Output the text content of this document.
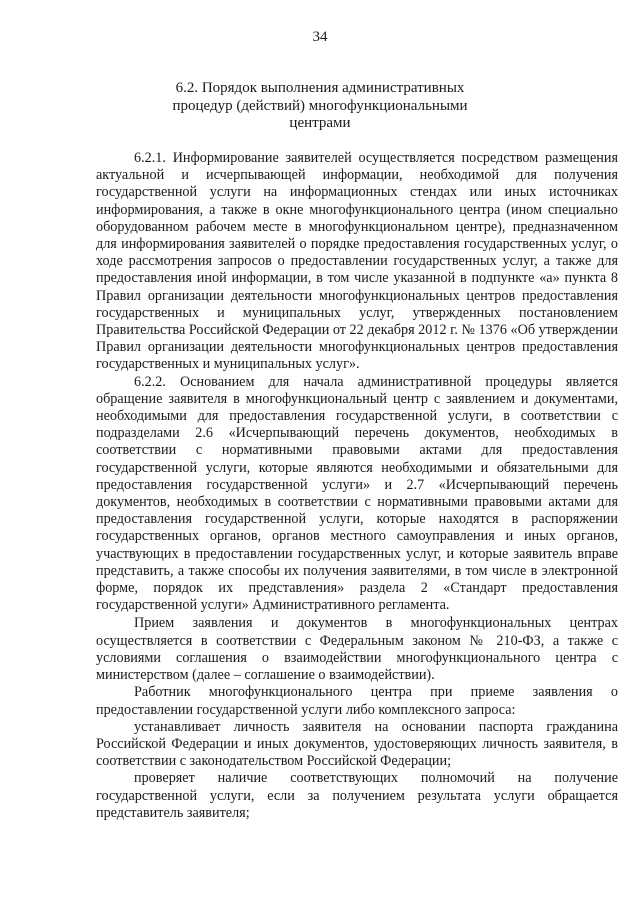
34
6.2. Порядок выполнения административных процедур (действий) многофункциональными центрами

6.2.1. Информирование заявителей осуществляется посредством размещения актуальной и исчерпывающей информации, необходимой для получения государственной услуги на информационных стендах или иных источниках информирования, а также в окне многофункционального центра (ином специально оборудованном рабочем месте в многофункциональном центре), предназначенном для информирования заявителей о порядке предоставления государственных услуг, о ходе рассмотрения запросов о предоставлении государственных услуг, а также для предоставления иной информации, в том числе указанной в подпункте «а» пункта 8 Правил организации деятельности многофункциональных центров предоставления государственных и муниципальных услуг, утвержденных постановлением Правительства Российской Федерации от 22 декабря 2012 г. № 1376 «Об утверждении Правил организации деятельности многофункциональных центров предоставления государственных и муниципальных услуг».

6.2.2. Основанием для начала административной процедуры является обращение заявителя в многофункциональный центр с заявлением и документами, необходимыми для предоставления государственной услуги, в соответствии с подразделами 2.6 «Исчерпывающий перечень документов, необходимых в соответствии с нормативными правовыми актами для предоставления государственной услуги, которые являются необходимыми и обязательными для предоставления государственной услуги» и 2.7 «Исчерпывающий перечень документов, необходимых в соответствии с нормативными правовыми актами для предоставления государственной услуги, которые находятся в распоряжении государственных органов, органов местного самоуправления и иных органов, участвующих в предоставлении государственных услуг, и которые заявитель вправе представить, а также способы их получения заявителями, в том числе в электронной форме, порядок их представления» раздела 2 «Стандарт предоставления государственной услуги» Административного регламента.

Прием заявления и документов в многофункциональных центрах осуществляется в соответствии с Федеральным законом № 210-ФЗ, а также с условиями соглашения о взаимодействии многофункционального центра с министерством (далее – соглашение о взаимодействии).

Работник многофункционального центра при приеме заявления о предоставлении государственной услуги либо комплексного запроса:

устанавливает личность заявителя на основании паспорта гражданина Российской Федерации и иных документов, удостоверяющих личность заявителя, в соответствии с законодательством Российской Федерации;

проверяет наличие соответствующих полномочий на получение государственной услуги, если за получением результата услуги обращается представитель заявителя;
